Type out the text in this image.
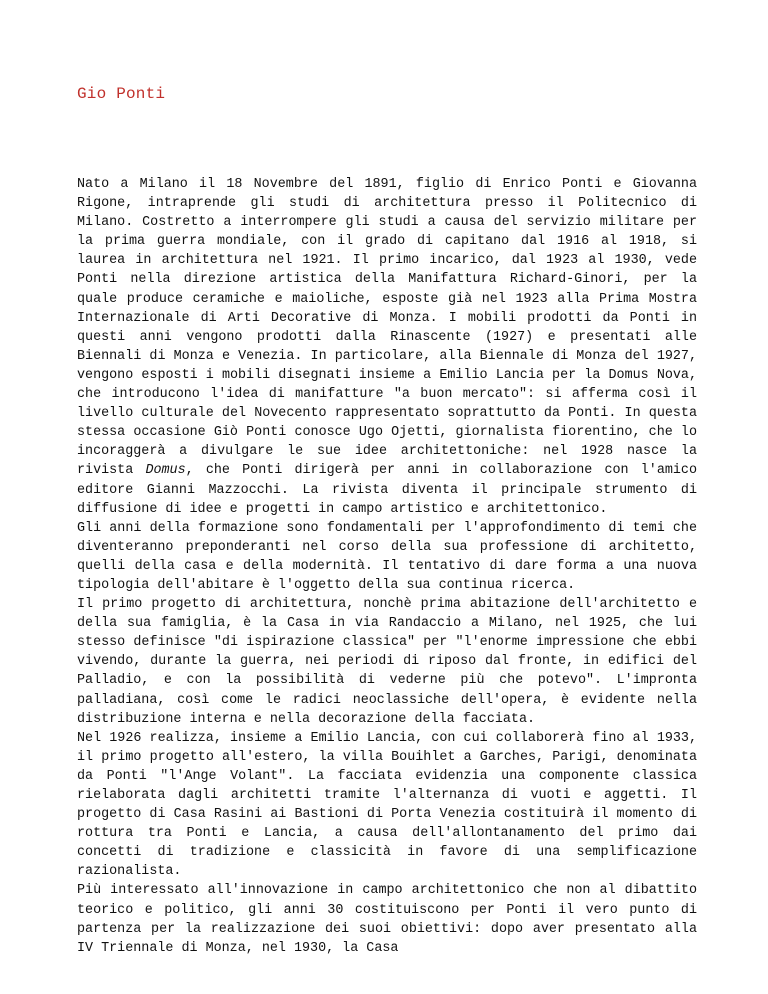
Gio Ponti

Nato a Milano il 18 Novembre del 1891, figlio di Enrico Ponti e Giovanna Rigone, intraprende gli studi di architettura presso il Politecnico di Milano. Costretto a interrompere gli studi a causa del servizio militare per la prima guerra mondiale, con il grado di capitano dal 1916 al 1918, si laurea in architettura nel 1921. Il primo incarico, dal 1923 al 1930, vede Ponti nella direzione artistica della Manifattura Richard-Ginori, per la quale produce ceramiche e maioliche, esposte già nel 1923 alla Prima Mostra Internazionale di Arti Decorative di Monza. I mobili prodotti da Ponti in questi anni vengono prodotti dalla Rinascente (1927) e presentati alle Biennali di Monza e Venezia. In particolare, alla Biennale di Monza del 1927, vengono esposti i mobili disegnati insieme a Emilio Lancia per la Domus Nova, che introducono l'idea di manifatture "a buon mercato": si afferma così il livello culturale del Novecento rappresentato soprattutto da Ponti. In questa stessa occasione Giò Ponti conosce Ugo Ojetti, giornalista fiorentino, che lo incoraggerà a divulgare le sue idee architettoniche: nel 1928 nasce la rivista Domus, che Ponti dirigerà per anni in collaborazione con l'amico editore Gianni Mazzocchi. La rivista diventa il principale strumento di diffusione di idee e progetti in campo artistico e architettonico.

Gli anni della formazione sono fondamentali per l'approfondimento di temi che diventeranno preponderanti nel corso della sua professione di architetto, quelli della casa e della modernità. Il tentativo di dare forma a una nuova tipologia dell'abitare è l'oggetto della sua continua ricerca.

Il primo progetto di architettura, nonchè prima abitazione dell'architetto e della sua famiglia, è la Casa in via Randaccio a Milano, nel 1925, che lui stesso definisce "di ispirazione classica" per "l'enorme impressione che ebbi vivendo, durante la guerra, nei periodi di riposo dal fronte, in edifici del Palladio, e con la possibilità di vederne più che potevo". L'impronta palladiana, così come le radici neoclassiche dell'opera, è evidente nella distribuzione interna e nella decorazione della facciata.

Nel 1926 realizza, insieme a Emilio Lancia, con cui collaborerà fino al 1933, il primo progetto all'estero, la villa Bouihlet a Garches, Parigi, denominata da Ponti "l'Ange Volant". La facciata evidenzia una componente classica rielaborata dagli architetti tramite l'alternanza di vuoti e aggetti. Il progetto di Casa Rasini ai Bastioni di Porta Venezia costituirà il momento di rottura tra Ponti e Lancia, a causa dell'allontanamento del primo dai concetti di tradizione e classicità in favore di una semplificazione razionalista.

Più interessato all'innovazione in campo architettonico che non al dibattito teorico e politico, gli anni 30 costituiscono per Ponti il vero punto di partenza per la realizzazione dei suoi obiettivi: dopo aver presentato alla IV Triennale di Monza, nel 1930, la Casa
